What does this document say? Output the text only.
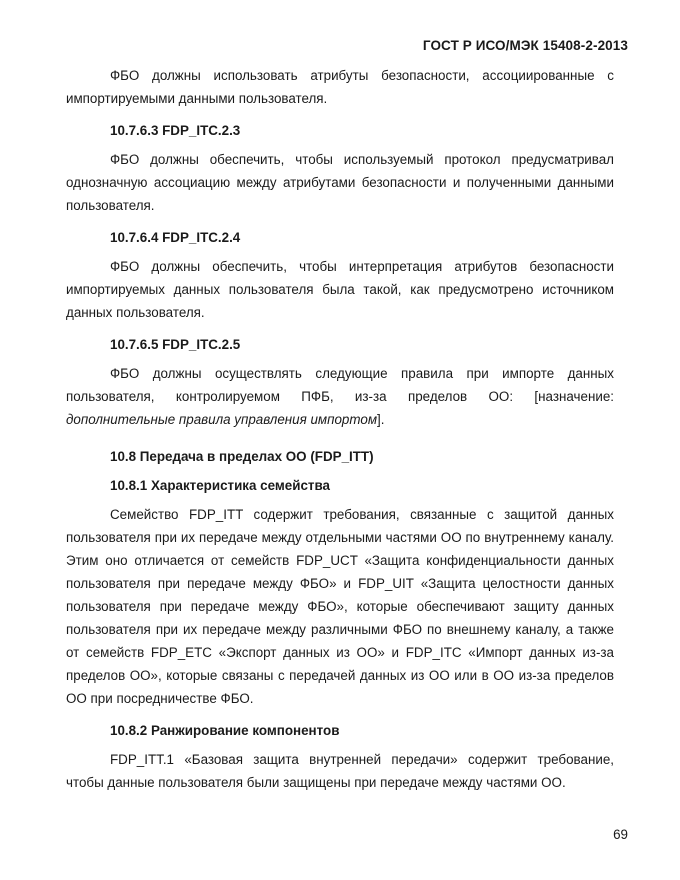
ГОСТ Р ИСО/МЭК 15408-2-2013

ФБО должны использовать атрибуты безопасности, ассоциированные с импортируемыми данными пользователя.

10.7.6.3 FDP_ITC.2.3

ФБО должны обеспечить, чтобы используемый протокол предусматривал однозначную ассоциацию между атрибутами безопасности и полученными данными пользователя.

10.7.6.4 FDP_ITC.2.4

ФБО должны обеспечить, чтобы интерпретация атрибутов безопасности импортируемых данных пользователя была такой, как предусмотрено источником данных пользователя.

10.7.6.5 FDP_ITC.2.5

ФБО должны осуществлять следующие правила при импорте данных пользователя, контролируемом ПФБ, из-за пределов ОО: [назначение: дополнительные правила управления импортом].

10.8 Передача в пределах ОО (FDP_ITT)
10.8.1 Характеристика семейства

Семейство FDP_ITT содержит требования, связанные с защитой данных пользователя при их передаче между отдельными частями ОО по внутреннему каналу. Этим оно отличается от семейств FDP_UCT «Защита конфиденциальности данных пользователя при передаче между ФБО» и FDP_UIT «Защита целостности данных пользователя при передаче между ФБО», которые обеспечивают защиту данных пользователя при их передаче между различными ФБО по внешнему каналу, а также от семейств FDP_ETC «Экспорт данных из ОО» и FDP_ITC «Импорт данных из-за пределов ОО», которые связаны с передачей данных из ОО или в ОО из-за пределов ОО при посредничестве ФБО.

10.8.2 Ранжирование компонентов

FDP_ITT.1 «Базовая защита внутренней передачи» содержит требование, чтобы данные пользователя были защищены при передаче между частями ОО.

69
